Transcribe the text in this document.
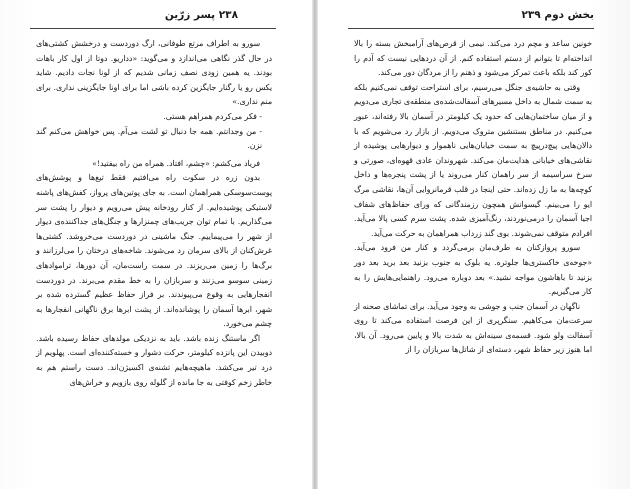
۲۳۸ پسر زرّین

سورو به اطراف مرتع طوفانی، ارگ دوردست و درخشش کشتی‌های در حال گذر نگاهی می‌اندازد و می‌گوید: «دداریو. دوتا از اول کار باهات بودند. یه همین زودی نصف زمانی شدیم که از لونا نجات دادیم. شاید یکس رو یا رگنار جایگزین کرده باشی اما برای اونا جایگزینی نداری. برای منم نداری.»

- فکر می‌کردم همراهم هستی.

- من وجدانتم. همه جا دنبال تو لشت می‌آم. پس خواهش می‌کنم گند نزن.

فریاد می‌کشم: «چشم، افتاد. همراه من راه بیفتید!»

بدون زره در سکوت راه می‌افتیم فقط تیغ‌ها و پوشش‌های پوست‌سوسکی همراهمان است. به جای پوتین‌های پرواز، کفش‌های پاشنه لاستیکی پوشیده‌ایم. از کنار رودخانه پیش می‌رویم و دیوار را پشت سر می‌گذاریم. با تمام توان جریب‌های چمنزارها و جنگل‌های جداکننده‌ی دیوار از شهر را می‌پیماییم. جنگ ماشینی در دوردست می‌خروشد. کشتی‌ها غرش‌کنان از بالای سرمان رد می‌شوند. شاخه‌های درختان را می‌لرزانند و برگ‌ها را زمین می‌ریزند. در سمت راست‌مان، آن دورها، تراموادهای زمینی سوسو می‌زنند و سربازان را به خط مقدم می‌برند. در دوردست انفجارهایی به وقوع می‌پیوندند. بر فراز حفاظ عظیم گسترده شده بر شهر، ابرها آسمان را پوشانده‌اند. از پشت ابرها برق ناگهانی انفجارها به چشم می‌خورد.

اگر ماستنگ زنده باشد. باید به نزدیکی مولدهای حفاظ رسیده باشد. دوبیدن این پانزده کیلومتر، حرکت دشوار و خسته‌کننده‌ای است. پهلویم از درد تیر می‌کشد. ماهیچه‌هایم تشنه‌ی اکسیژن‌اند. دست راستم هم به خاطر زخم کوفتی به جا مانده از گلوله روی بازویم و خراش‌های

بخش دوم ۲۳۹

خونین ساعد و مچم درد می‌کند. نیمی از قرص‌های آرامبخش بسته را بالا انداخته‌ام تا بتوانم از دستم استفاده کنم. از آن دردهایی نیست که آدم را کور کند بلکه باعث تمرکز می‌شود و ذهنم را از مردگان دور می‌کند.

وقتی به حاشیه‌ی جنگل می‌رسیم، برای استراحت توقف نمی‌کنیم بلکه به سمت شمال به داخل مسیرهای آسفالت‌شده‌ی منطقه‌ی تجاری می‌دویم و از میان ساختمان‌هایی که حدود یک کیلومتر در آسمان بالا رفته‌اند، عبور می‌کنیم. در مناطق بستنشین متروک می‌دویم. از بازار رد می‌شویم که با دالان‌هایی پیچ‌درپیچ به سمت خیابان‌هایی ناهموار و دیوارهایی پوشیده از نقاشی‌های خیابانی هدایت‌مان می‌کند. شهروندان عادی قهوه‌ای، صورتی و سرخ سراسیمه از سر راهمان کنار می‌روند یا از پشت پنجره‌ها و داخل کوچه‌ها به ما زل زده‌اند. حتی اینجا در قلب قرمانروایی آن‌ها، نقاشی مرگ ایو را می‌بینم. گیسوانش همچون رزمندگانی که ورای حفاظ‌های شفاف اجیا آسمان را درمی‌نوردند، رنگ‌آمیزی شده. پشت سرم کسی پالا می‌آید. افرادم متوقف نمی‌شوند. بوی گند زرداب همراهمان به حرکت می‌آید.

سورو پروازکنان به طرف‌مان برمی‌گردد و کنار من فرود می‌آید. «جوخه‌ی خاکستری‌ها جلوتره. یه بلوک به جنوب بزنید بعد برید بعد دور بزنید تا باهاشون مواجه نشید.» بعد دوباره می‌رود. راهنمایی‌هایش را به کار می‌گیریم.

ناگهان در آسمان جنب و جوشی به وجود می‌آید. برای تماشای صحنه از سرعت‌مان می‌کاهیم. سنگرپری از این فرصت استفاده می‌کند تا روی آسفالت ولو شود. قسمه‌ی سینه‌اش به شدت بالا و پایین می‌رود. آن بالا، اما هنوز زیر حفاظ شهر، دسته‌ای از شاتل‌ها سربازان را از
